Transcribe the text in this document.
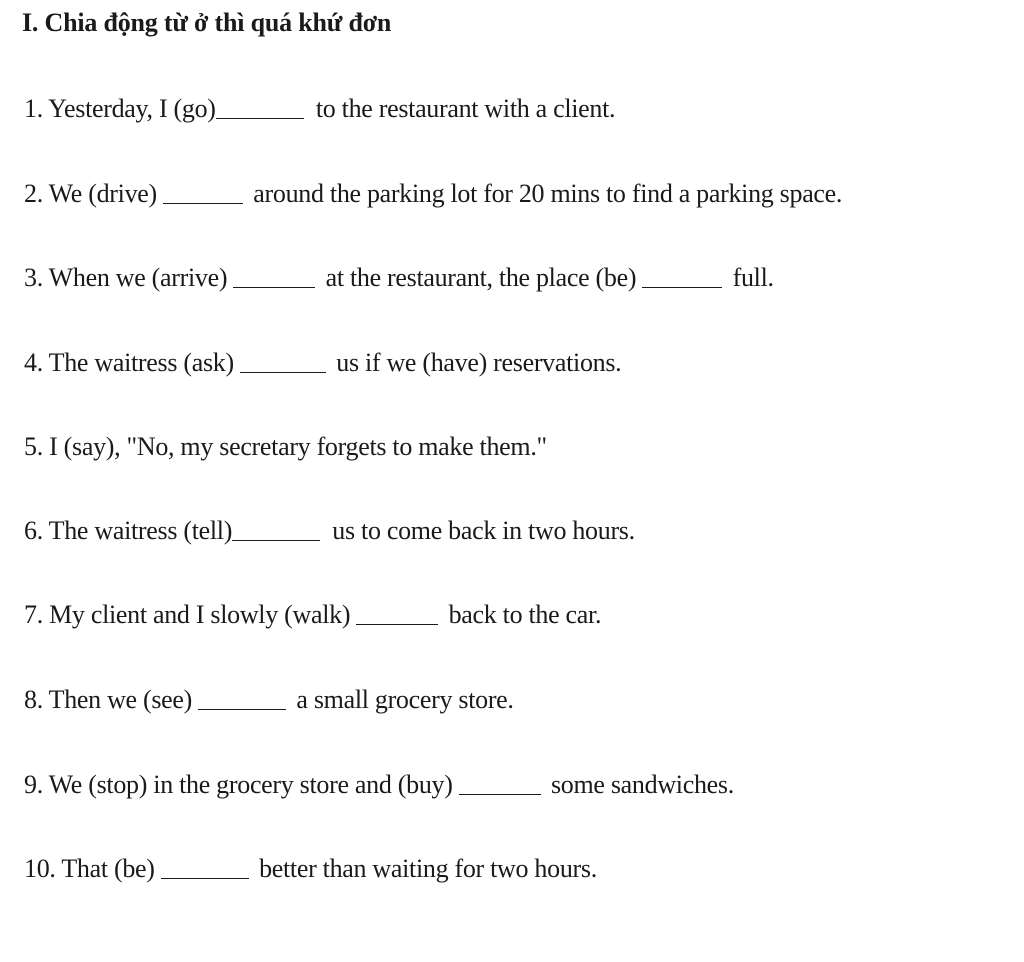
I. Chia động từ ở thì quá khứ đơn
1. Yesterday, I (go)	to the restaurant with a client.
2. We (drive)	around the parking lot for 20 mins to find a parking space.
3. When we (arrive)	at the restaurant, the place (be)	full.
4. The waitress (ask)	us if we (have) reservations.
5. I (say), "No, my secretary forgets to make them."
6. The waitress (tell)	us to come back in two hours.
7. My client and I slowly (walk)	back to the car.
8. Then we (see)	a small grocery store.
9. We (stop) in the grocery store and (buy)	some sandwiches.
10. That (be)	better than waiting for two hours.
